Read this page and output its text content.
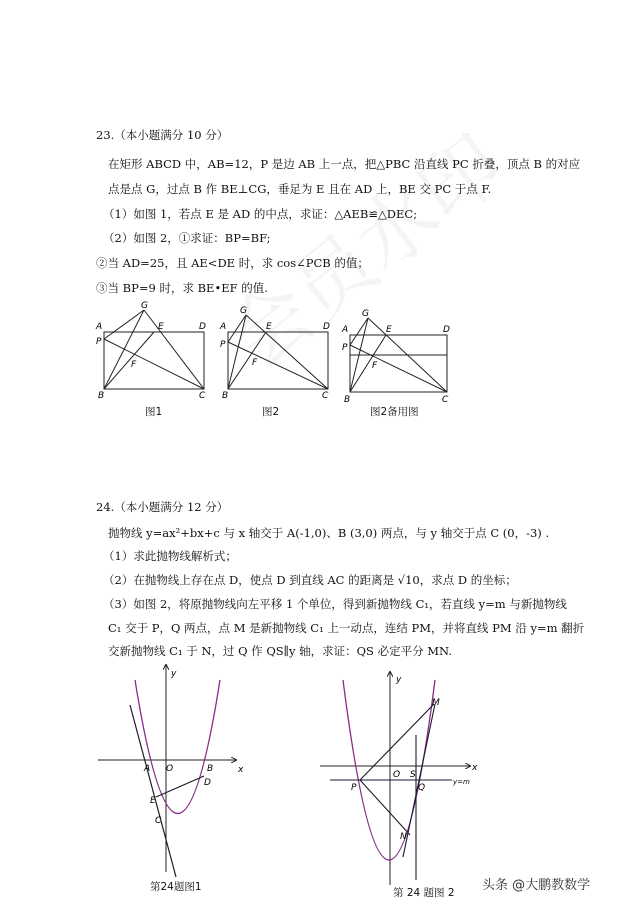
23.（本小题满分 10 分）
在矩形 ABCD 中，AB=12，P 是边 AB 上一点，把△PBC 沿直线 PC 折叠，顶点 B 的对应
点是点 G，过点 B 作 BE⊥CG，垂足为 E 且在 AD 上，BE 交 PC 于点 F.
（1）如图 1，若点 E 是 AD 的中点，求证：△AEB≌△DEC;
（2）如图 2，①求证：BP=BF;
②当 AD=25，且 AE<DE 时，求 cos∠PCB 的值；
③当 BP=9 时，求 BE•EF 的值.
A
P
B	C
D
E
F
G
A
P
B	C
D
E
F
G
A
P
B	C
D
E
F
G
图1	图2	图2备用图
24.（本小题满分 12 分）
抛物线 y=ax²+bx+c 与 x 轴交于 A(-1,0)、B (3,0) 两点，与 y 轴交于点 C (0，-3) .
（1）求此抛物线解析式；
（2）在抛物线上存在点 D，使点 D 到直线 AC 的距离是 √10，求点 D 的坐标；
（3）如图 2，将原抛物线向左平移 1 个单位，得到新抛物线 C₁，若直线 y=m 与新抛物线
C₁ 交于 P，Q 两点，点 M 是新抛物线 C₁ 上一动点，连结 PM，并将直线 PM 沿 y=m 翻折
交新抛物线 C₁ 于 N，过 Q 作 QS∥y 轴，求证：QS 必定平分 MN.
y
x
O
A	B
C
D
E
y
x
O
M
N
P	Q
S
y=m
第24题图1	第 24 题图 2 头条 @大鹏教数学
